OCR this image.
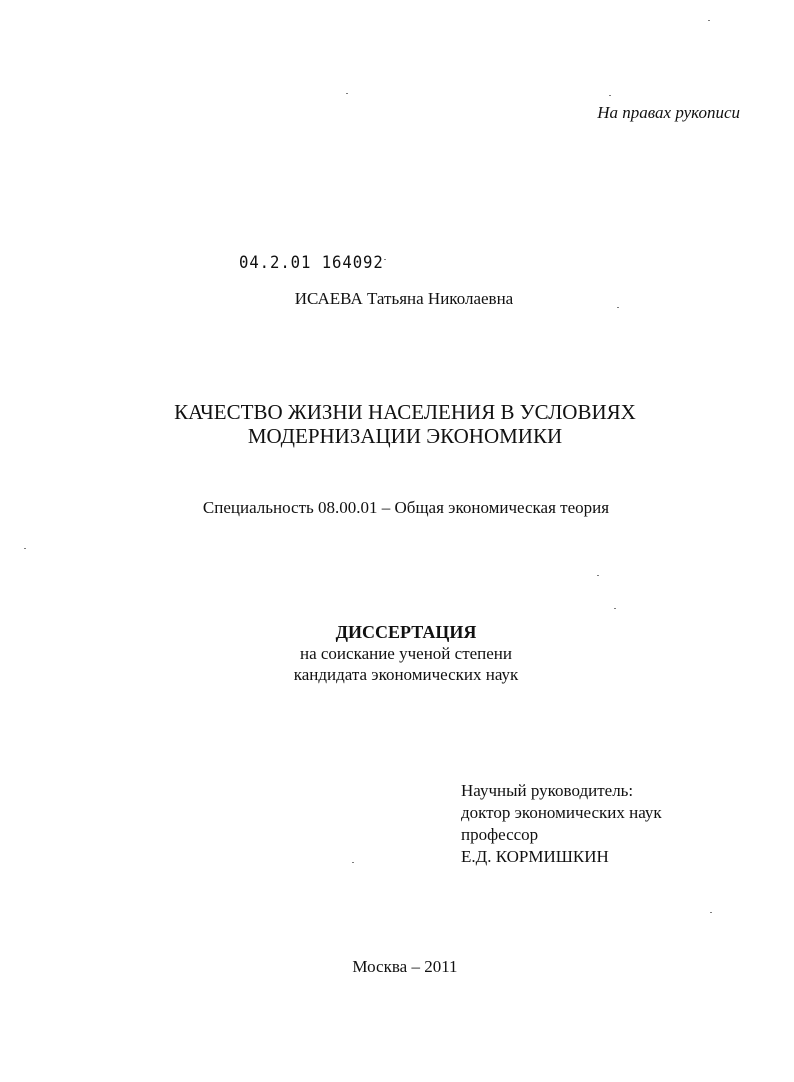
На правах рукописи
04.2.01 164092
ИСАЕВА Татьяна Николаевна
КАЧЕСТВО ЖИЗНИ НАСЕЛЕНИЯ В УСЛОВИЯХ
МОДЕРНИЗАЦИИ ЭКОНОМИКИ
Специальность 08.00.01 – Общая экономическая теория
ДИССЕРТАЦИЯ
на соискание ученой степени
кандидата экономических наук
Научный руководитель:
доктор экономических наук
профессор
Е.Д. КОРМИШКИН
Москва – 2011
